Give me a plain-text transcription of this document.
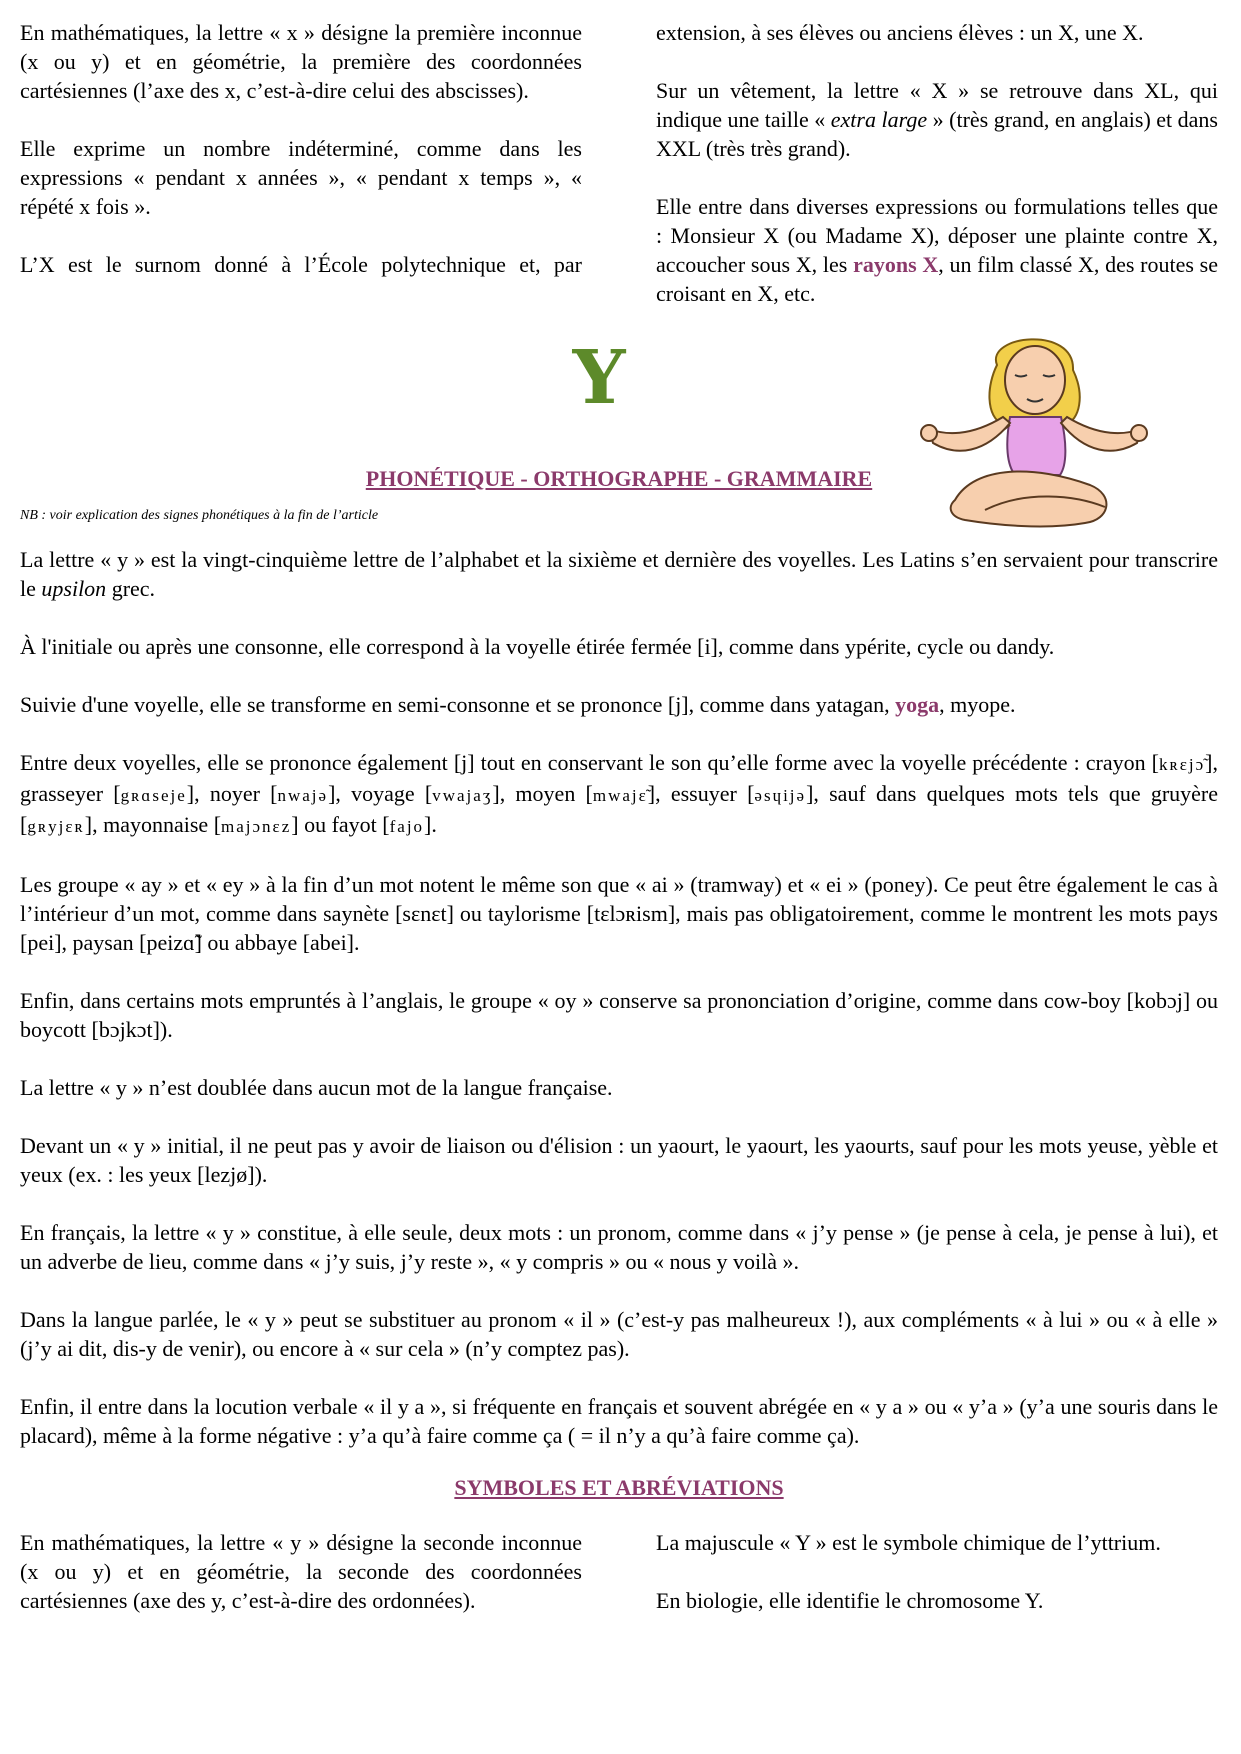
En mathématiques, la lettre « x » désigne la première inconnue (x ou y) et en géométrie, la première des coordonnées cartésiennes (l’axe des x, c’est-à-dire celui des abscisses).

Elle exprime un nombre indéterminé, comme dans les expressions « pendant x années », « pendant x temps », « répété x fois ».

L’X est le surnom donné à l’École polytechnique et, par

extension, à ses élèves ou anciens élèves : un X, une X.

Sur un vêtement, la lettre « X » se retrouve dans XL, qui indique une taille « extra large » (très grand, en anglais) et dans XXL (très très grand).

Elle entre dans diverses expressions ou formulations telles que : Monsieur X (ou Madame X), déposer une plainte contre X, accoucher sous X, les rayons X, un film classé X, des routes se croisant en X, etc.

Y
PHONÉTIQUE - ORTHOGRAPHE - GRAMMAIRE
NB : voir explication des signes phonétiques à la fin de l’article

La lettre « y » est la vingt-cinquième lettre de l’alphabet et la sixième et dernière des voyelles. Les Latins s’en servaient pour transcrire le upsilon grec.

À l'initiale ou après une consonne, elle correspond à la voyelle étirée fermée [i], comme dans ypérite, cycle ou dandy.

Suivie d'une voyelle, elle se transforme en semi-consonne et se prononce [j], comme dans yatagan, yoga, myope.

Entre deux voyelles, elle se prononce également [j] tout en conservant le son qu’elle forme avec la voyelle précédente : crayon [kʀɛjɔ̃], grasseyer [gʀɑseje], noyer [nwajə], voyage [vwajaʒ], moyen [mwajɛ̃], essuyer [əsɥijə], sauf dans quelques mots tels que gruyère [gʀyjɛʀ], mayonnaise [majɔnɛz] ou fayot [fajo].

Les groupe « ay » et « ey » à la fin d’un mot notent le même son que « ai » (tramway) et « ei » (poney). Ce peut être également le cas à l’intérieur d’un mot, comme dans saynète [sɛnɛt] ou taylorisme [tɛlɔʀism], mais pas obligatoirement, comme le montrent les mots pays [pei], paysan [peizɑ̃] ou abbaye [abei].

Enfin, dans certains mots empruntés à l’anglais, le groupe « oy » conserve sa prononciation d’origine, comme dans cow-boy [kobɔj] ou boycott [bɔjkɔt]).

La lettre « y » n’est doublée dans aucun mot de la langue française.

Devant un « y » initial, il ne peut pas y avoir de liaison ou d'élision : un yaourt, le yaourt, les yaourts, sauf pour les mots yeuse, yèble et yeux (ex. : les yeux [lezjø]).

En français, la lettre « y » constitue, à elle seule, deux mots : un pronom, comme dans « j’y pense » (je pense à cela, je pense à lui), et un adverbe de lieu, comme dans « j’y suis, j’y reste », « y compris » ou « nous y voilà ».

Dans la langue parlée, le « y » peut se substituer au pronom « il » (c’est-y pas malheureux !), aux compléments « à lui » ou « à elle » (j’y ai dit, dis-y de venir), ou encore à « sur cela » (n’y comptez pas).

Enfin, il entre dans la locution verbale « il y a », si fréquente en français et souvent abrégée en « y a » ou « y’a » (y’a une souris dans le placard), même à la forme négative : y’a qu’à faire comme ça ( = il n’y a qu’à faire comme ça).

SYMBOLES ET ABRÉVIATIONS

En mathématiques, la lettre « y » désigne la seconde inconnue (x ou y) et en géométrie, la seconde des coordonnées cartésiennes (axe des y, c’est-à-dire des ordonnées).

La majuscule « Y » est le symbole chimique de l’yttrium.

En biologie, elle identifie le chromosome Y.
